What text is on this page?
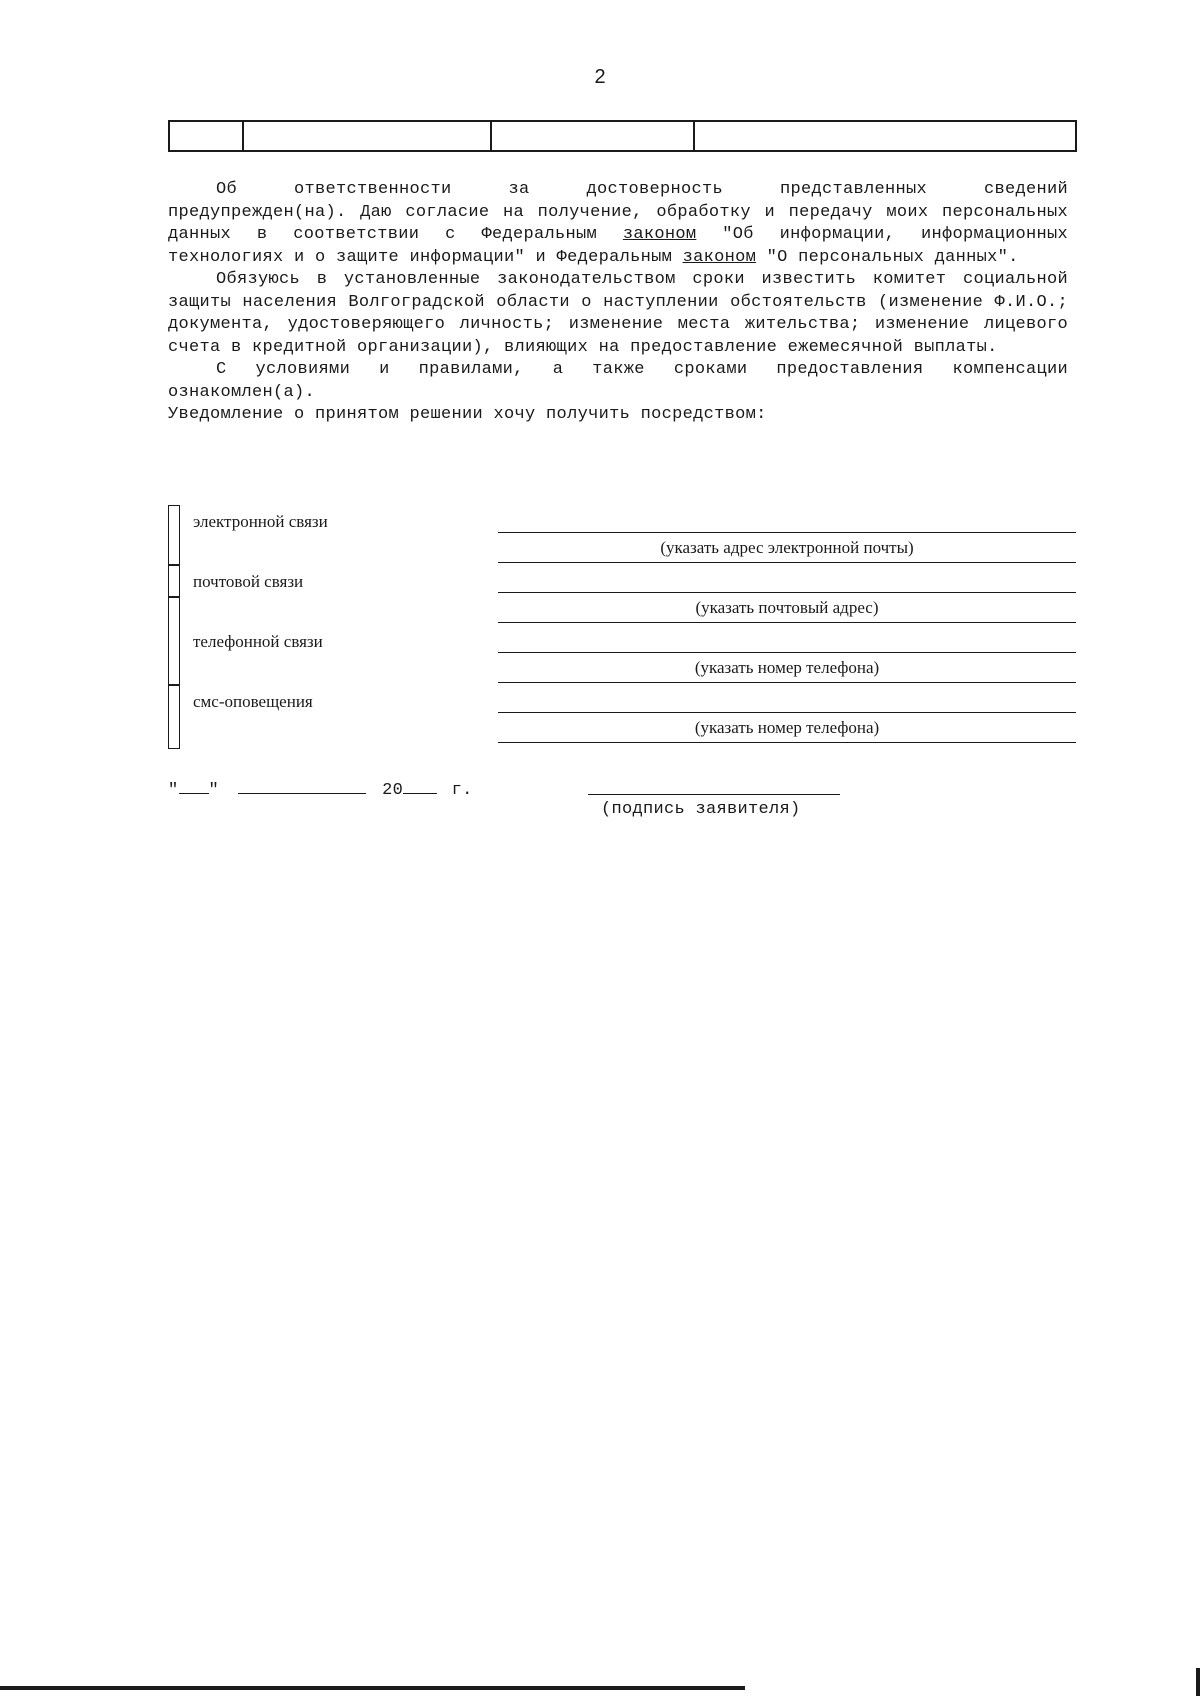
2

Об ответственности за достоверность представленных сведений

предупрежден(на). Даю согласие на получение, обработку и передачу моих персональных данных в соответствии с Федеральным законом "Об информации, информационных технологиях и о защите информации" и Федеральным законом "О персональных данных".

Обязуюсь в установленные законодательством сроки известить комитет социальной защиты населения Волгоградской области о наступлении обстоятельств (изменение Ф.И.О.; документа, удостоверяющего личность; изменение места жительства; изменение лицевого счета в кредитной организации), влияющих на предоставление ежемесячной выплаты.

С условиями и правилами, а также сроками предоставления компенсации ознакомлен(а).

Уведомление о принятом решении хочу получить посредством:

электронной связи
(указать адрес электронной почты)
почтовой связи
(указать почтовый адрес)
телефонной связи
(указать номер телефона)
смс-оповещения
(указать номер телефона)
" "	20	г.
(подпись заявителя)
